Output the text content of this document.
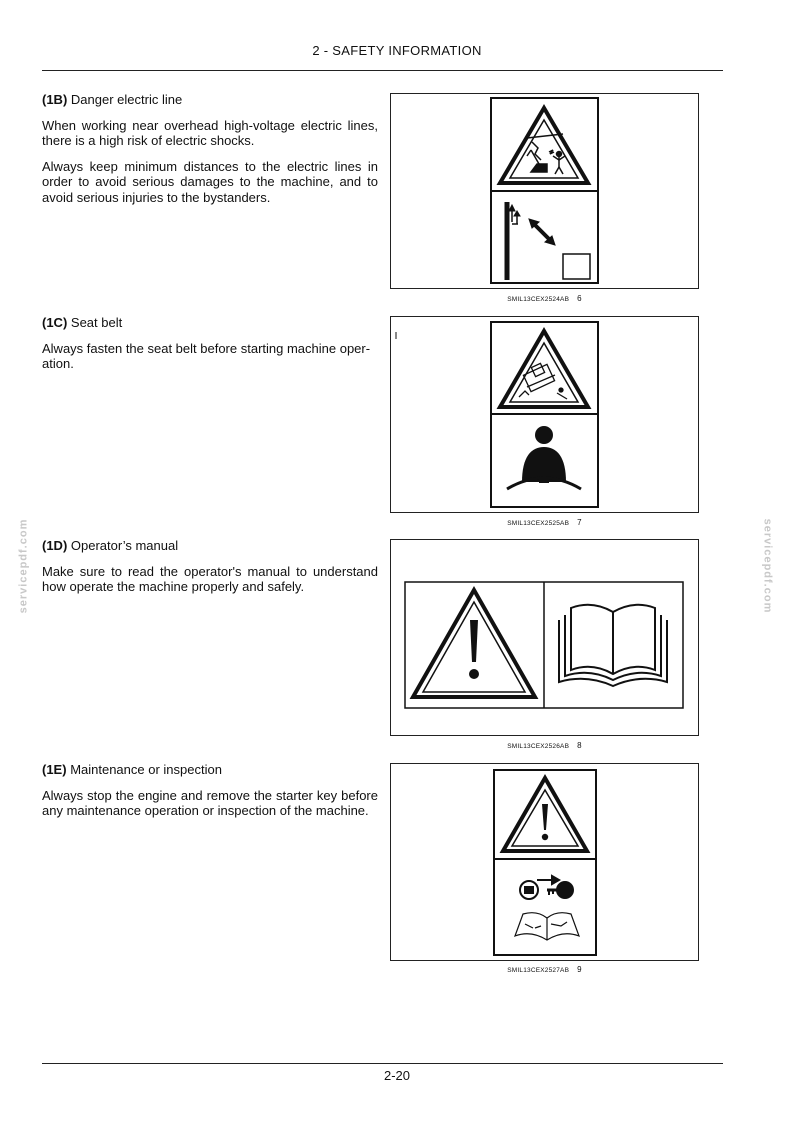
2 - SAFETY INFORMATION
servicepdf.com	servicepdf.com
(1B) Danger electric line

When working near overhead high-voltage electric lines, there is a high risk of electric shocks.

Always keep minimum distances to the electric lines in order to avoid serious damages to the machine, and to avoid serious injuries to the bystanders.

SMIL13CEX2524AB 6
(1C) Seat belt

Always fasten the seat belt before starting machine oper-ation.

SMIL13CEX2525AB 7
(1D) Operator’s manual

Make sure to read the operator's manual to understand how operate the machine properly and safely.

SMIL13CEX2526AB 8
(1E) Maintenance or inspection

Always stop the engine and remove the starter key before any maintenance operation or inspection of the machine.

SMIL13CEX2527AB 9
2-20
